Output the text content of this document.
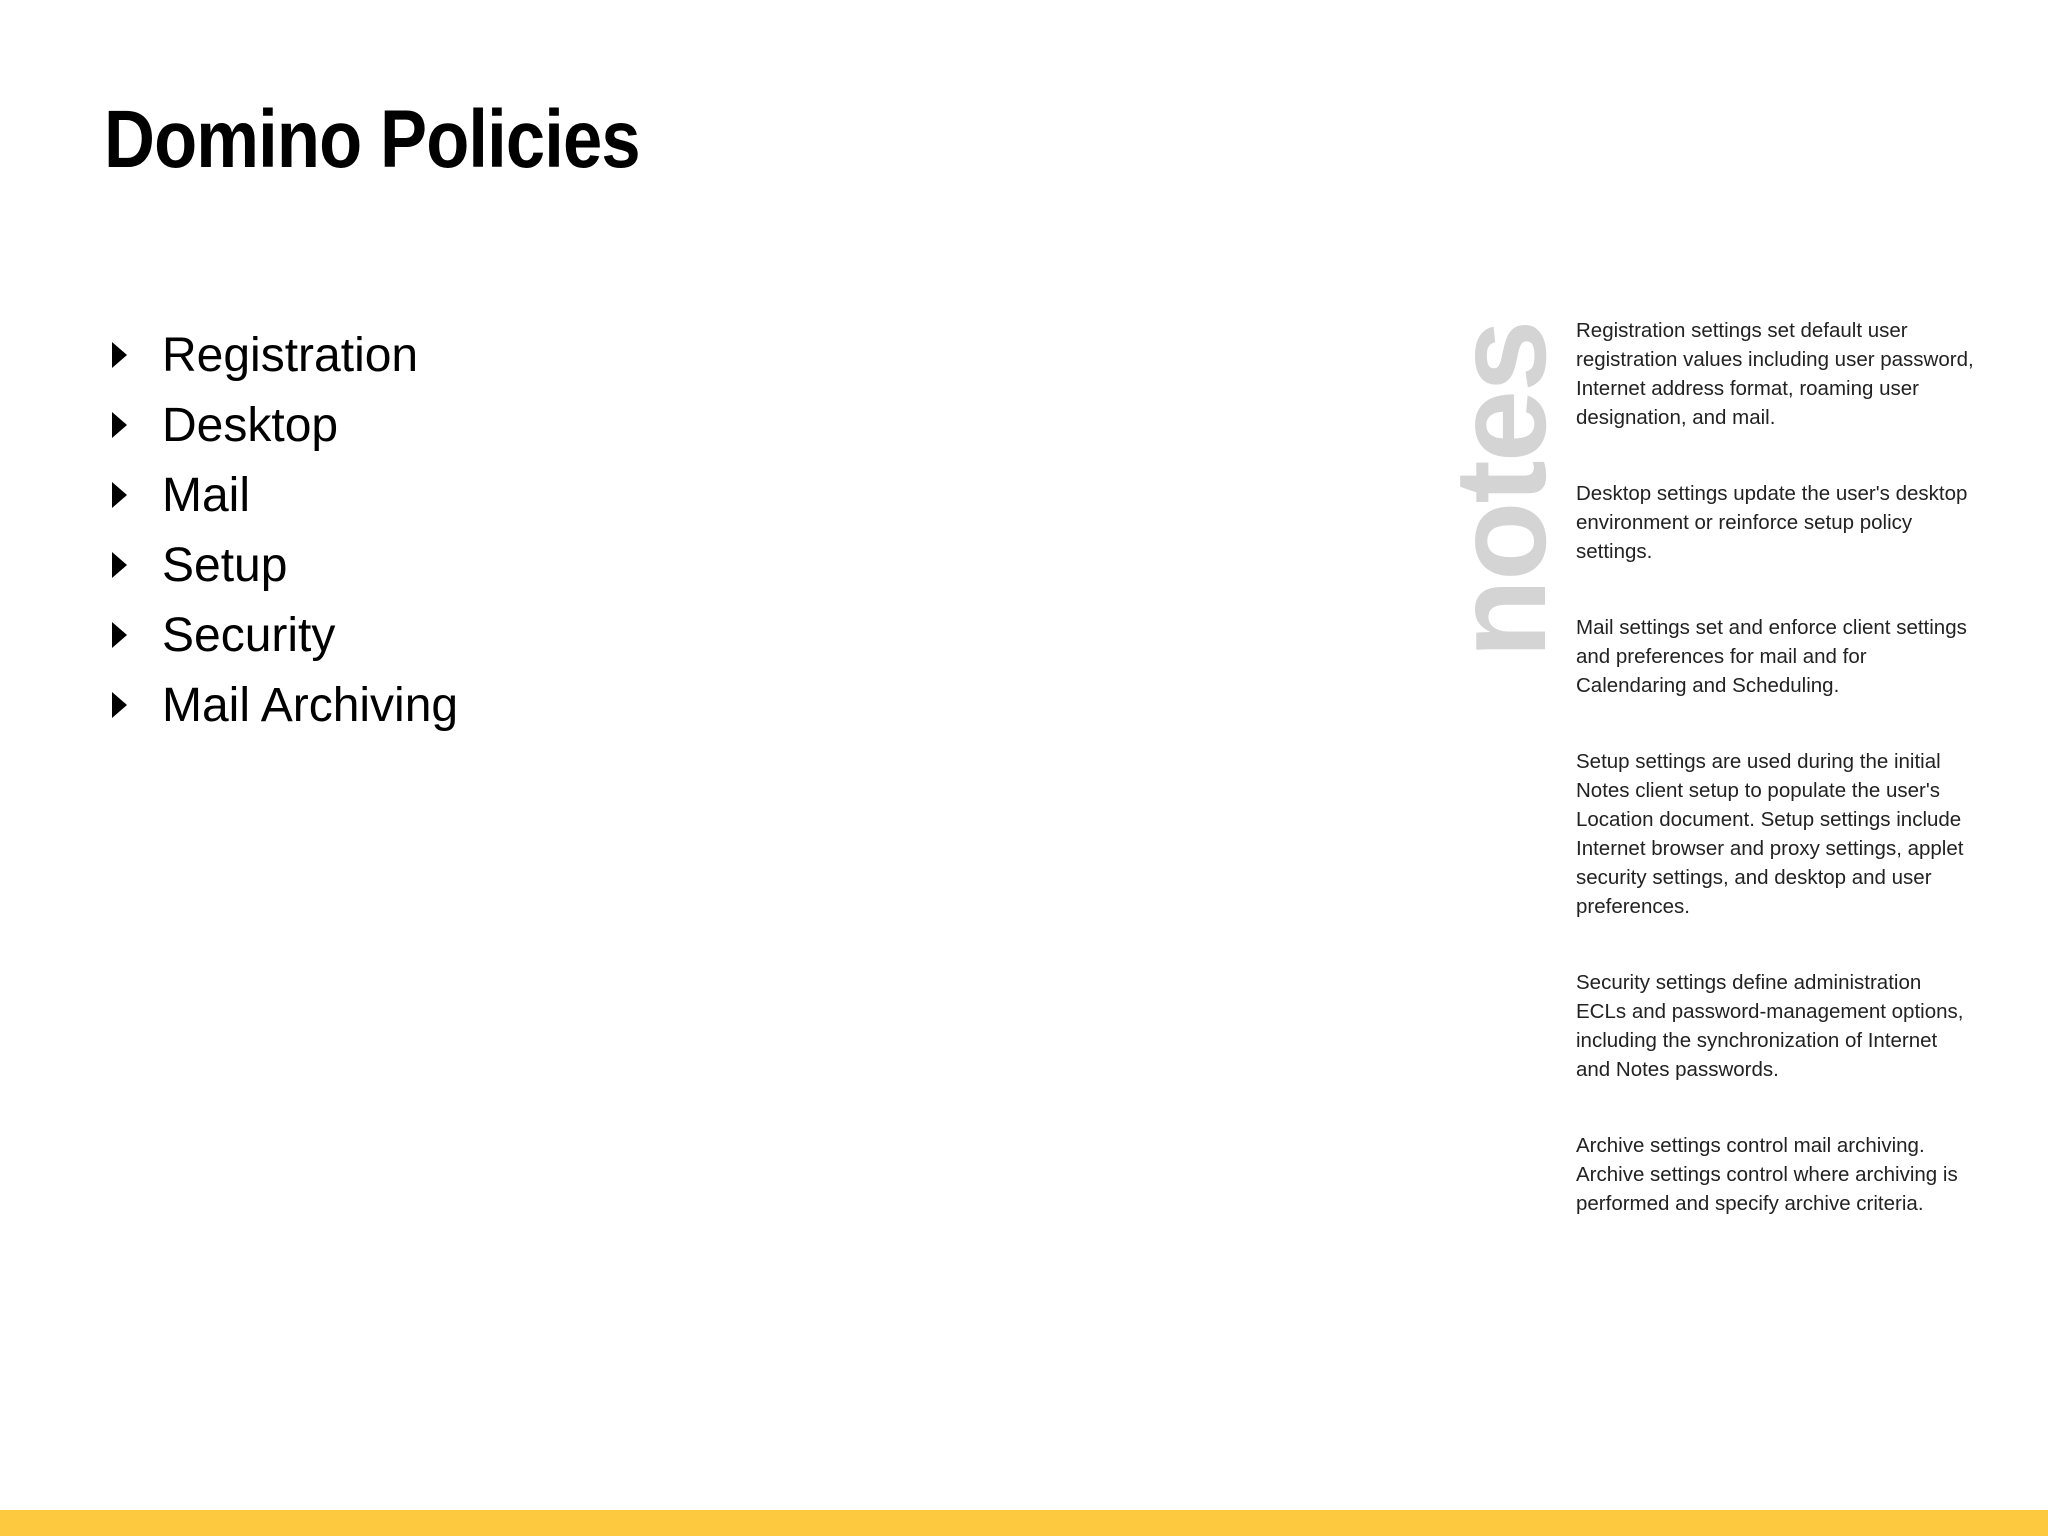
Domino Policies
Registration
Desktop
Mail
Setup
Security
Mail Archiving
notes Registration settings set default user registration values including user password, Internet address format, roaming user designation, and mail.

Desktop settings update the user's desktop environment or reinforce setup policy settings.

Mail settings set and enforce client settings and preferences for mail and for Calendaring and Scheduling.

Setup settings are used during the initial Notes client setup to populate the user's Location document. Setup settings include Internet browser and proxy settings, applet security settings, and desktop and user preferences.

Security settings define administration ECLs and password-management options, including the synchronization of Internet and Notes passwords.

Archive settings control mail archiving. Archive settings control where archiving is performed and specify archive criteria.
